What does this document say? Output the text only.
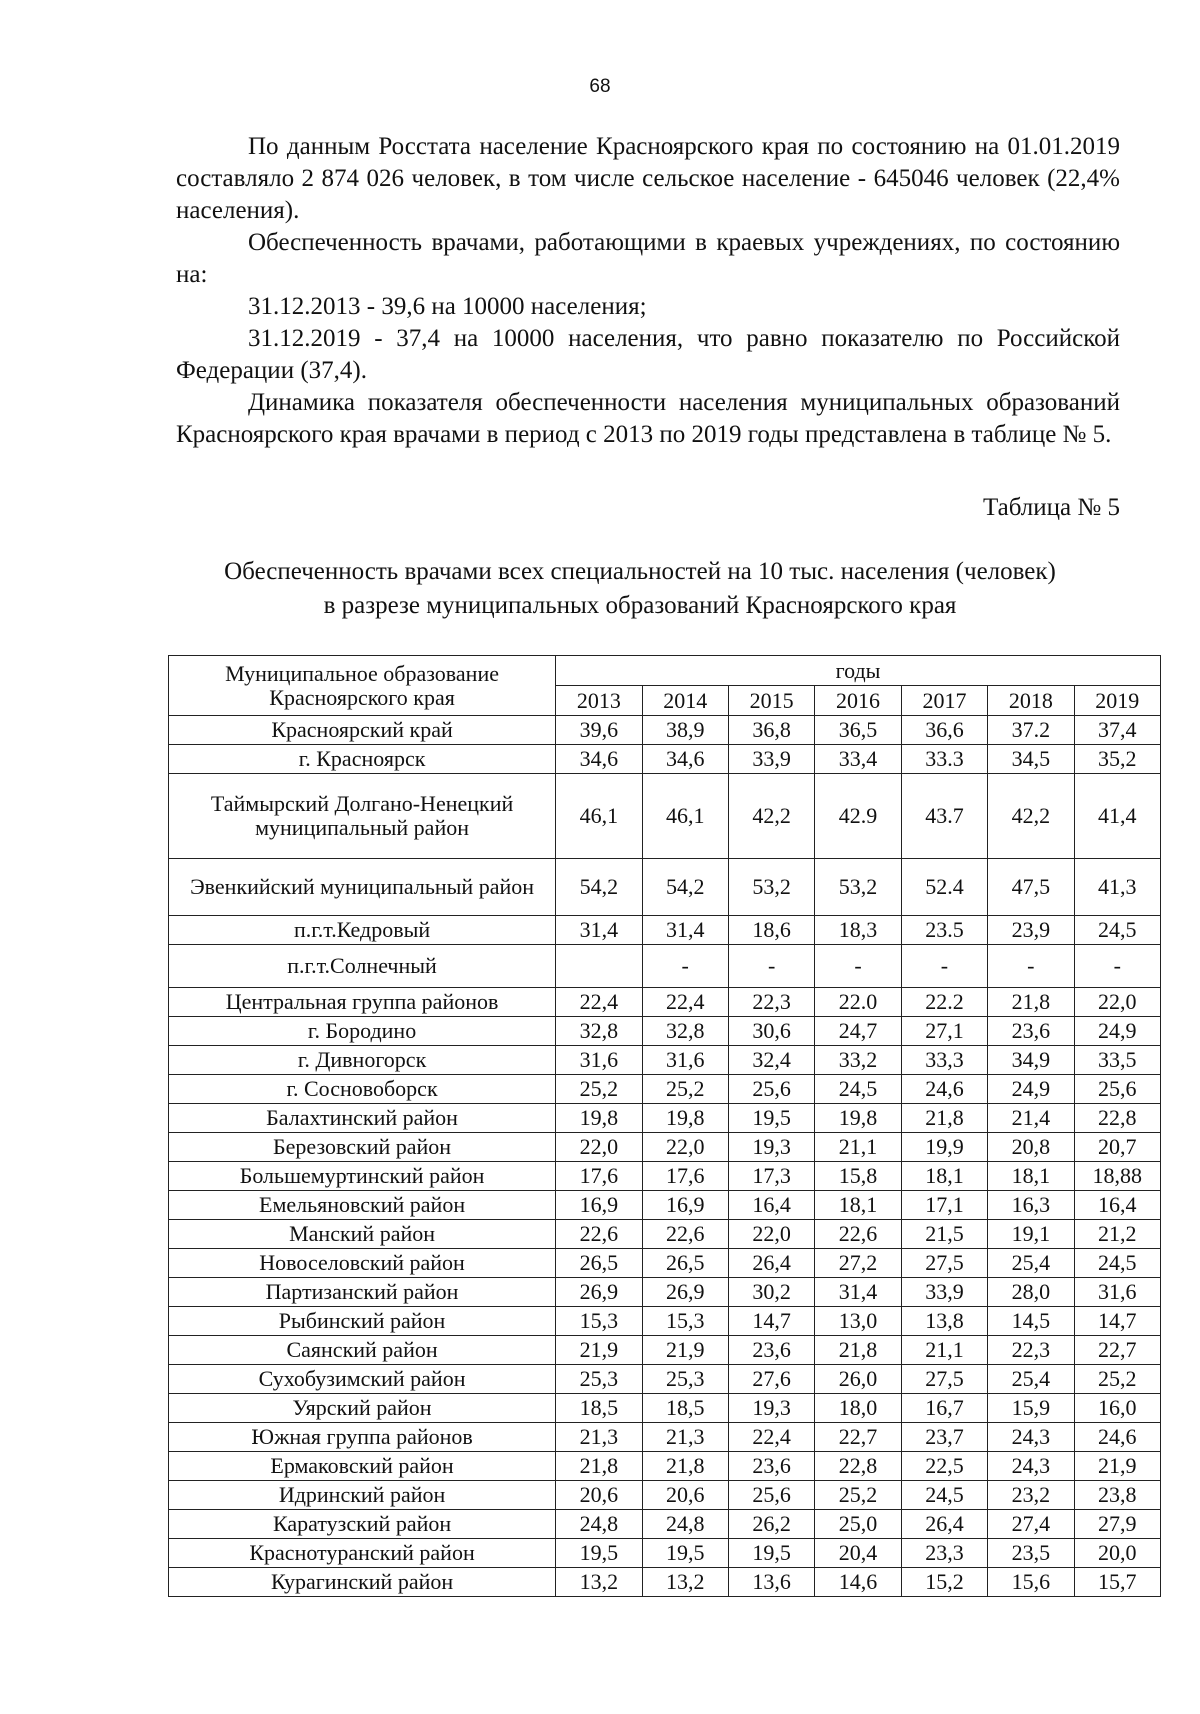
68

По данным Росстата население Красноярского края по состоянию на 01.01.2019 составляло 2 874 026 человек, в том числе сельское население - 645046 человек (22,4% населения).

Обеспеченность врачами, работающими в краевых учреждениях, по состоянию на:

31.12.2013 - 39,6 на 10000 населения;

31.12.2019 - 37,4 на 10000 населения, что равно показателю по Российской Федерации (37,4).

Динамика показателя обеспеченности населения муниципальных образований Красноярского края врачами в период с 2013 по 2019 годы представлена в таблице № 5.

Таблица № 5
Обеспеченность врачами всех специальностей на 10 тыс. населения (человек)
в разрезе муниципальных образований Красноярского края
Муниципальное образование
Красноярского края	годы						
	2013	2014	2015	2016	2017	2018	2019
Красноярский край	39,6	38,9	36,8	36,5	36,6	37.2	37,4
г. Красноярск	34,6	34,6	33,9	33,4	33.3	34,5	35,2
Таймырский Долгано-Ненецкий муниципальный район	46,1	46,1	42,2	42.9	43.7	42,2	41,4
Эвенкийский муниципальный район	54,2	54,2	53,2	53,2	52.4	47,5	41,3
п.г.т.Кедровый	31,4	31,4	18,6	18,3	23.5	23,9	24,5
п.г.т.Солнечный		-	-	-	-	-	-
Центральная группа районов	22,4	22,4	22,3	22.0	22.2	21,8	22,0
г. Бородино	32,8	32,8	30,6	24,7	27,1	23,6	24,9
г. Дивногорск	31,6	31,6	32,4	33,2	33,3	34,9	33,5
г. Сосновоборск	25,2	25,2	25,6	24,5	24,6	24,9	25,6
Балахтинский район	19,8	19,8	19,5	19,8	21,8	21,4	22,8
Березовский район	22,0	22,0	19,3	21,1	19,9	20,8	20,7
Большемуртинский район	17,6	17,6	17,3	15,8	18,1	18,1	18,88
Емельяновский район	16,9	16,9	16,4	18,1	17,1	16,3	16,4
Манский район	22,6	22,6	22,0	22,6	21,5	19,1	21,2
Новоселовский район	26,5	26,5	26,4	27,2	27,5	25,4	24,5
Партизанский район	26,9	26,9	30,2	31,4	33,9	28,0	31,6
Рыбинский район	15,3	15,3	14,7	13,0	13,8	14,5	14,7
Саянский район	21,9	21,9	23,6	21,8	21,1	22,3	22,7
Сухобузимский район	25,3	25,3	27,6	26,0	27,5	25,4	25,2
Уярский район	18,5	18,5	19,3	18,0	16,7	15,9	16,0
Южная группа районов	21,3	21,3	22,4	22,7	23,7	24,3	24,6
Ермаковский район	21,8	21,8	23,6	22,8	22,5	24,3	21,9
Идринский район	20,6	20,6	25,6	25,2	24,5	23,2	23,8
Каратузский район	24,8	24,8	26,2	25,0	26,4	27,4	27,9
Краснотуранский район	19,5	19,5	19,5	20,4	23,3	23,5	20,0
Курагинский район	13,2	13,2	13,6	14,6	15,2	15,6	15,7
